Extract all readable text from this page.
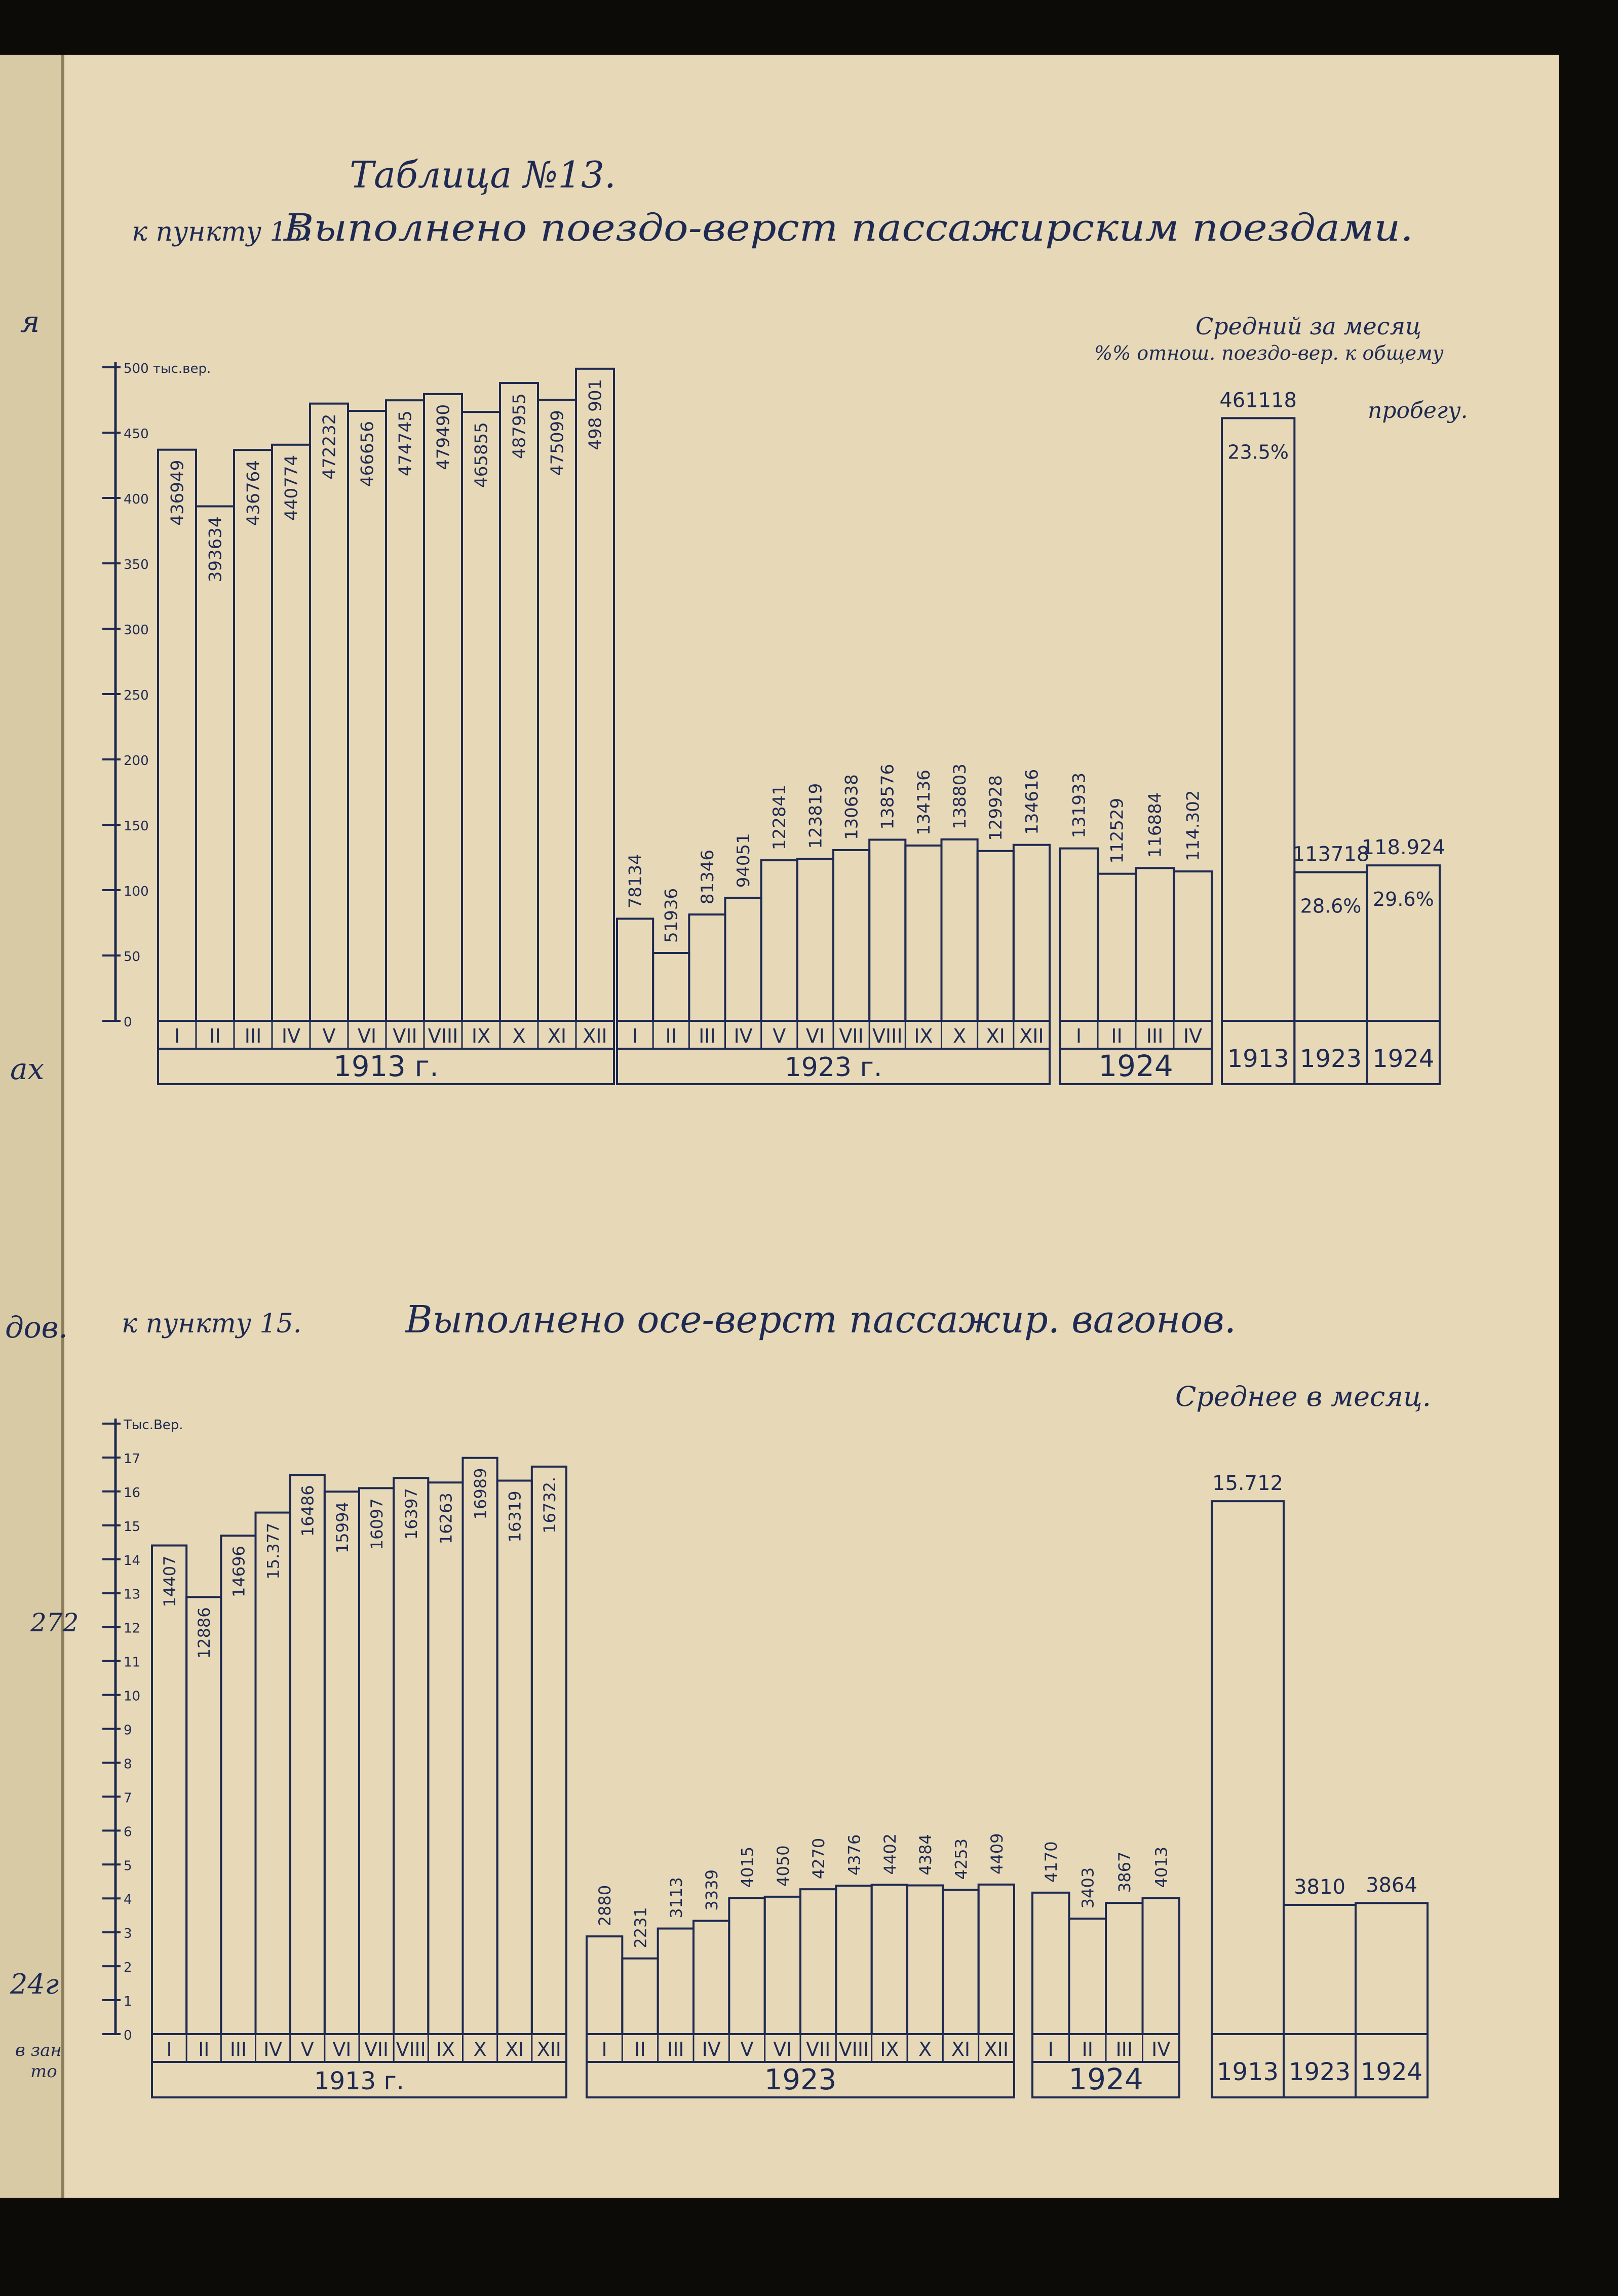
я
ах
дов.
272
24г
в зан
то
Таблица №13.
к пункту 15.
Выполнено поездо-верст пассажирским поездами.
Средний за месяц
%% отнош. поездо-вер. к общему
пробегу.
к пункту 15.	Выполнено осе-верст пассажир. вагонов.
Среднее в месяц.
0
50
100
150
200
250
300
350
400
450
500 тыс.вер.
1913 г.
I
436949
II
393634
III
436764
IV
440774
V
472232
VI
466656
VII
474745
VIII
479490
IX
465855
X
487955
XI
475099
XII
498 901
1923 г.
I
78134
II
51936
III
81346
IV
94051
V
122841
VI
123819
VII
130638
VIII
138576
IX
134136
X
138803
XI
129928
XII
134616
1924
I
131933
II
112529
III
116884
IV
114.302
1913
461118
23.5%
1923
113718
28.6%
1924
118.924
29.6%
0
1
2
3
4
5
6
7
8
9
10
11
12
13
14
15
16
17
Тыс.Вер.
1913 г.
I
14407
II
12886
III
14696
IV
15.377
V
16486
VI
15994
VII
16097
VIII
16397
IX
16263
X
16989
XI
16319
XII
16732.
1923
I
2880
II
2231
III
3113
IV
3339
V
4015
VI
4050
VII
4270
VIII
4376
IX
4402
X
4384
XI
4253
XII
4409
1924
I
4170
II
3403
III
3867
IV
4013
1913
15.712
1923
3810
1924
3864
